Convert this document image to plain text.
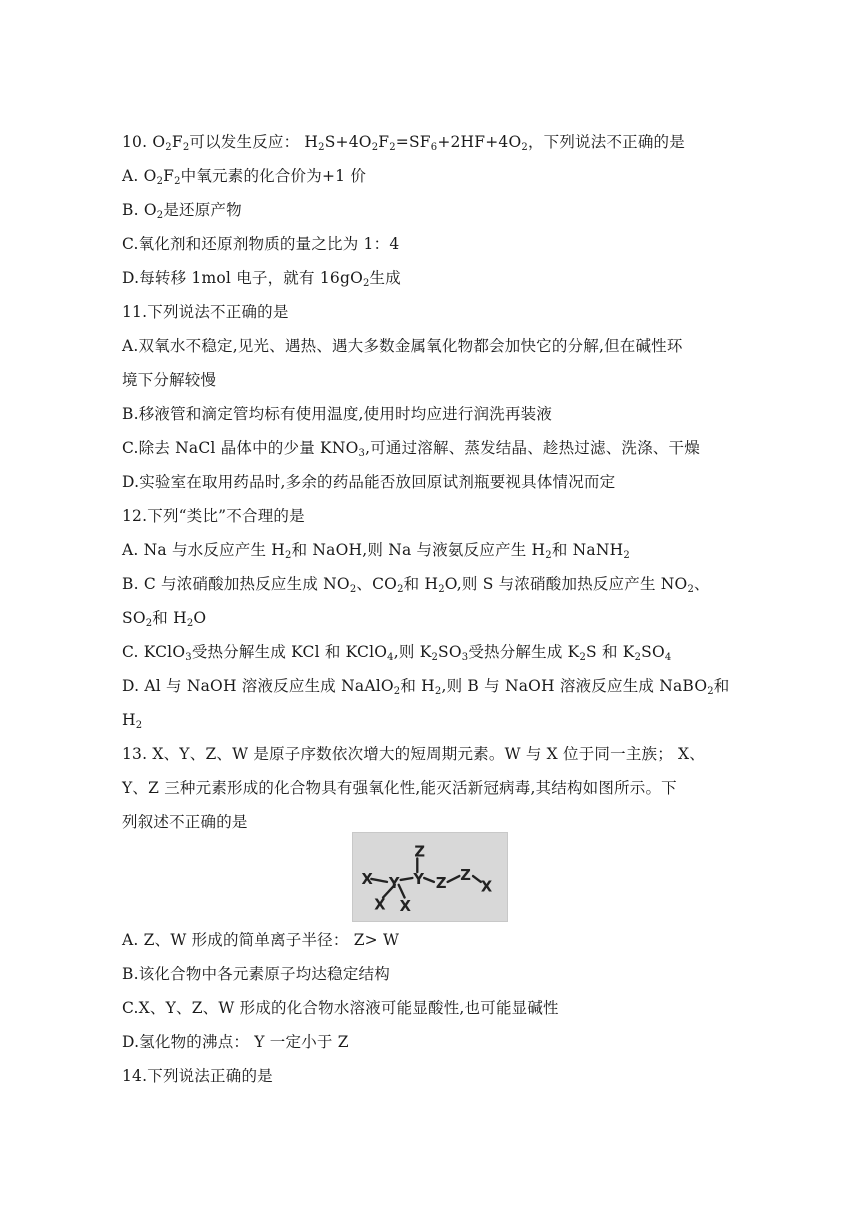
10. $O_2F_2$可以发生反应： $H_2S+4O_2F_2=SF_6+2HF+4O_2$，下列说法不正确的是
A. $O_2F_2$中氧元素的化合价为+1 价
B. $O_2$是还原产物
C.氧化剂和还原剂物质的量之比为 1：4
D.每转移 1mol 电子，就有 $16gO_2$生成
11.下列说法不正确的是
A.双氧水不稳定,见光、遇热、遇大多数金属氧化物都会加快它的分解,但在碱性环
境下分解较慢
B.移液管和滴定管均标有使用温度,使用时均应进行润洗再装液
C.除去 NaCl 晶体中的少量 $KNO_3$,可通过溶解、蒸发结晶、趁热过滤、洗涤、干燥
D.实验室在取用药品时,多余的药品能否放回原试剂瓶要视具体情况而定
12.下列“类比”不合理的是
A. Na 与水反应产生 $H_2$和 NaOH,则 Na 与液氨反应产生 $H_2$和 NaNH$_2$
B. C 与浓硝酸加热反应生成 $NO_2$、$CO_2$和 $H_2O$,则 S 与浓硝酸加热反应产生 $NO_2$、
$SO_2$和 $H_2O$
C. KClO$_3$受热分解生成 KCl 和 KClO$_4$,则 $K_2SO_3$受热分解生成 $K_2S$ 和 $K_2SO_4$
D. Al 与 NaOH 溶液反应生成 NaAlO$_2$和 $H_2$,则 B 与 NaOH 溶液反应生成 NaBO$_2$和
$H_2$
13. X、Y、Z、W 是原子序数依次增大的短周期元素。W 与 X 位于同一主族； X、
Y、Z 三种元素形成的化合物具有强氧化性,能灭活新冠病毒,其结构如图所示。下
列叙述不正确的是
Z
X Y Y Z Z
X
X X
A. Z、W 形成的简单离子半径： Z> W
B.该化合物中各元素原子均达稳定结构
C.X、Y、Z、W 形成的化合物水溶液可能显酸性,也可能显碱性
D.氢化物的沸点： Y 一定小于 Z
14.下列说法正确的是
